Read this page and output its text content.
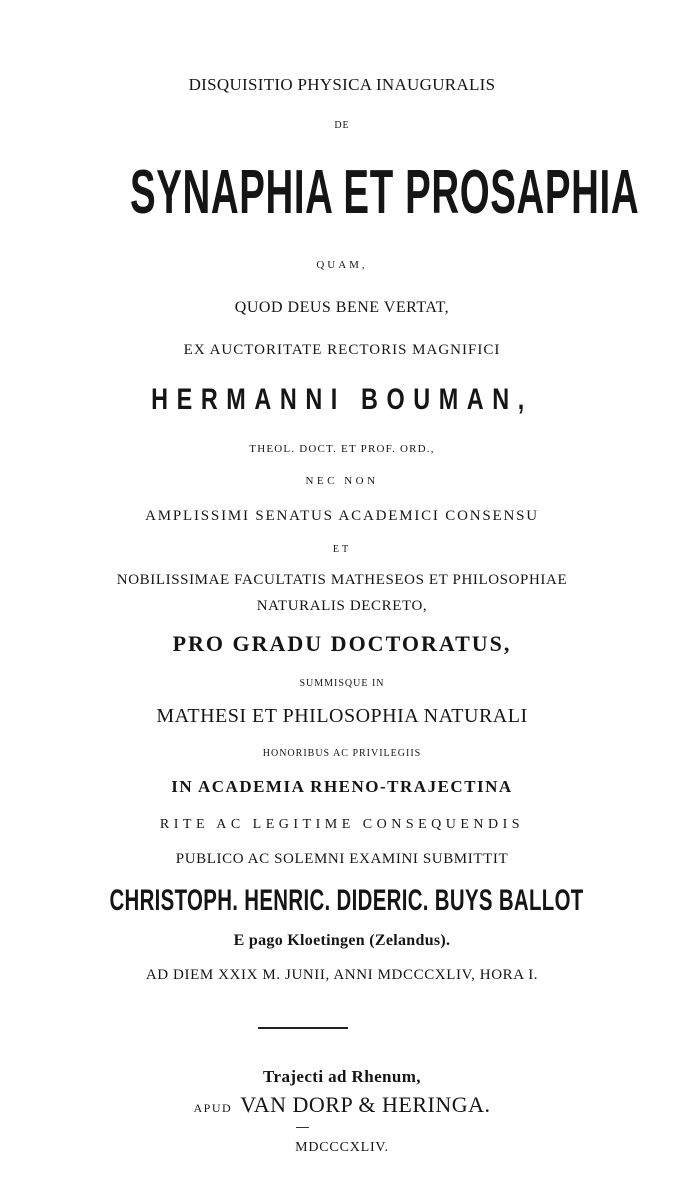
DISQUISITIO PHYSICA INAUGURALIS
DE
SYNAPHIA ET PROSAPHIA
QUAM,
QUOD DEUS BENE VERTAT,
EX AUCTORITATE RECTORIS MAGNIFICI
HERMANNI BOUMAN,
THEOL. DOCT. ET PROF. ORD.,
NEC NON
AMPLISSIMI SENATUS ACADEMICI CONSENSU
ET
NOBILISSIMAE FACULTATIS MATHESEOS ET PHILOSOPHIAE
NATURALIS DECRETO,
PRO GRADU DOCTORATUS,
SUMMISQUE IN
MATHESI ET PHILOSOPHIA NATURALI
HONORIBUS AC PRIVILEGIIS
IN ACADEMIA RHENO-TRAJECTINA
RITE AC LEGITIME CONSEQUENDIS
PUBLICO AC SOLEMNI EXAMINI SUBMITTIT
CHRISTOPH. HENRIC. DIDERIC. BUYS BALLOT
E pago Kloetingen (Zelandus).
AD DIEM XXIX M. JUNII, ANNI MDCCCXLIV, HORA I.
Trajecti ad Rhenum,
APUD VAN DORP & HERINGA.
MDCCCXLIV.
